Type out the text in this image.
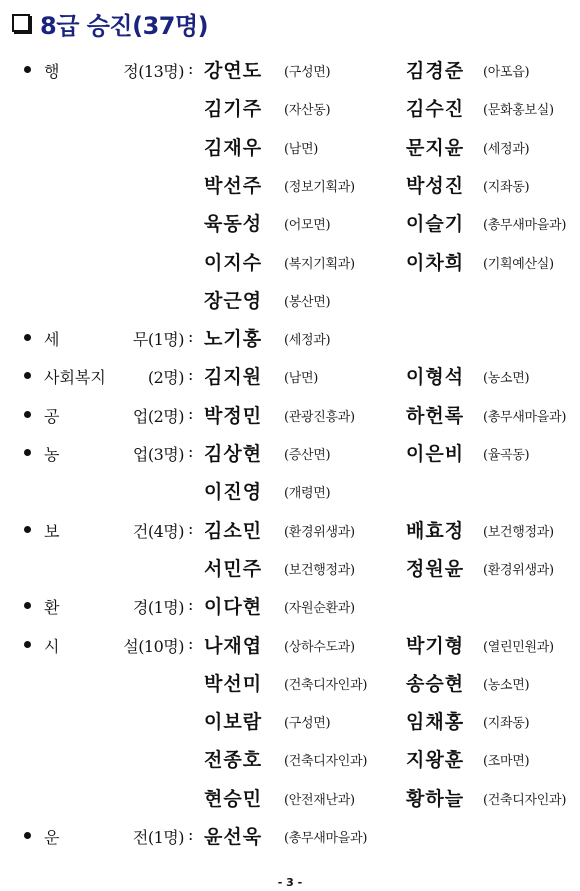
8급 승진(37명)
행	정(13명) : 강연도 (구성면)	김경준 (아포읍)
김기주 (자산동)	김수진 (문화홍보실)
김재우 (남면)	문지윤 (세정과)
박선주 (정보기획과)	박성진 (지좌동)
육동성 (어모면)	이슬기 (총무새마을과)
이지수 (복지기획과)	이차희 (기획예산실)
장근영 (봉산면)
세	무(1명) : 노기홍 (세정과)
사회복지	(2명) : 김지원 (남면)	이형석 (농소면)
공	업(2명) : 박정민 (관광진흥과)	하헌록 (총무새마을과)
농	업(3명) : 김상현 (증산면)	이은비 (율곡동)
이진영 (개령면)
보	건(4명) : 김소민 (환경위생과)	배효정 (보건행정과)
서민주 (보건행정과)	정원윤 (환경위생과)
환	경(1명) : 이다현 (자원순환과)
시	설(10명) : 나재엽 (상하수도과)	박기형 (열린민원과)
박선미 (건축디자인과) 송승현 (농소면)
이보람 (구성면)	임채홍 (지좌동)
전종호 (건축디자인과) 지왕훈 (조마면)
현승민 (안전재난과)	황하늘 (건축디자인과)
운	전(1명) : 윤선욱 (총무새마을과)
- 3 -
